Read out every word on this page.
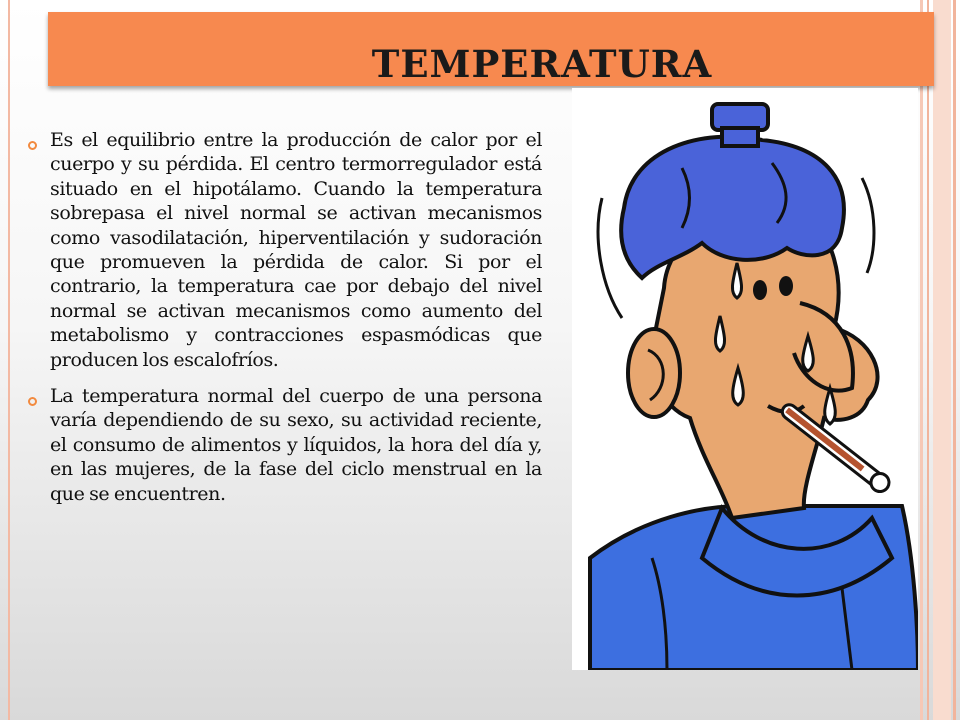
TEMPERATURA

Es el equilibrio entre la producción de calor por el cuerpo y su pérdida. El centro termorregulador está situado en el hipotálamo. Cuando la temperatura sobrepasa el nivel normal se activan mecanismos como vasodilatación, hiperventilación y sudoración que promueven la pérdida de calor. Si por el contrario, la temperatura cae por debajo del nivel normal se activan mecanismos como aumento del metabolismo y contracciones espasmódicas que producen los escalofríos.

La temperatura normal del cuerpo de una persona varía dependiendo de su sexo, su actividad reciente, el consumo de alimentos y líquidos, la hora del día y, en las mujeres, de la fase del ciclo menstrual en la que se encuentren.
